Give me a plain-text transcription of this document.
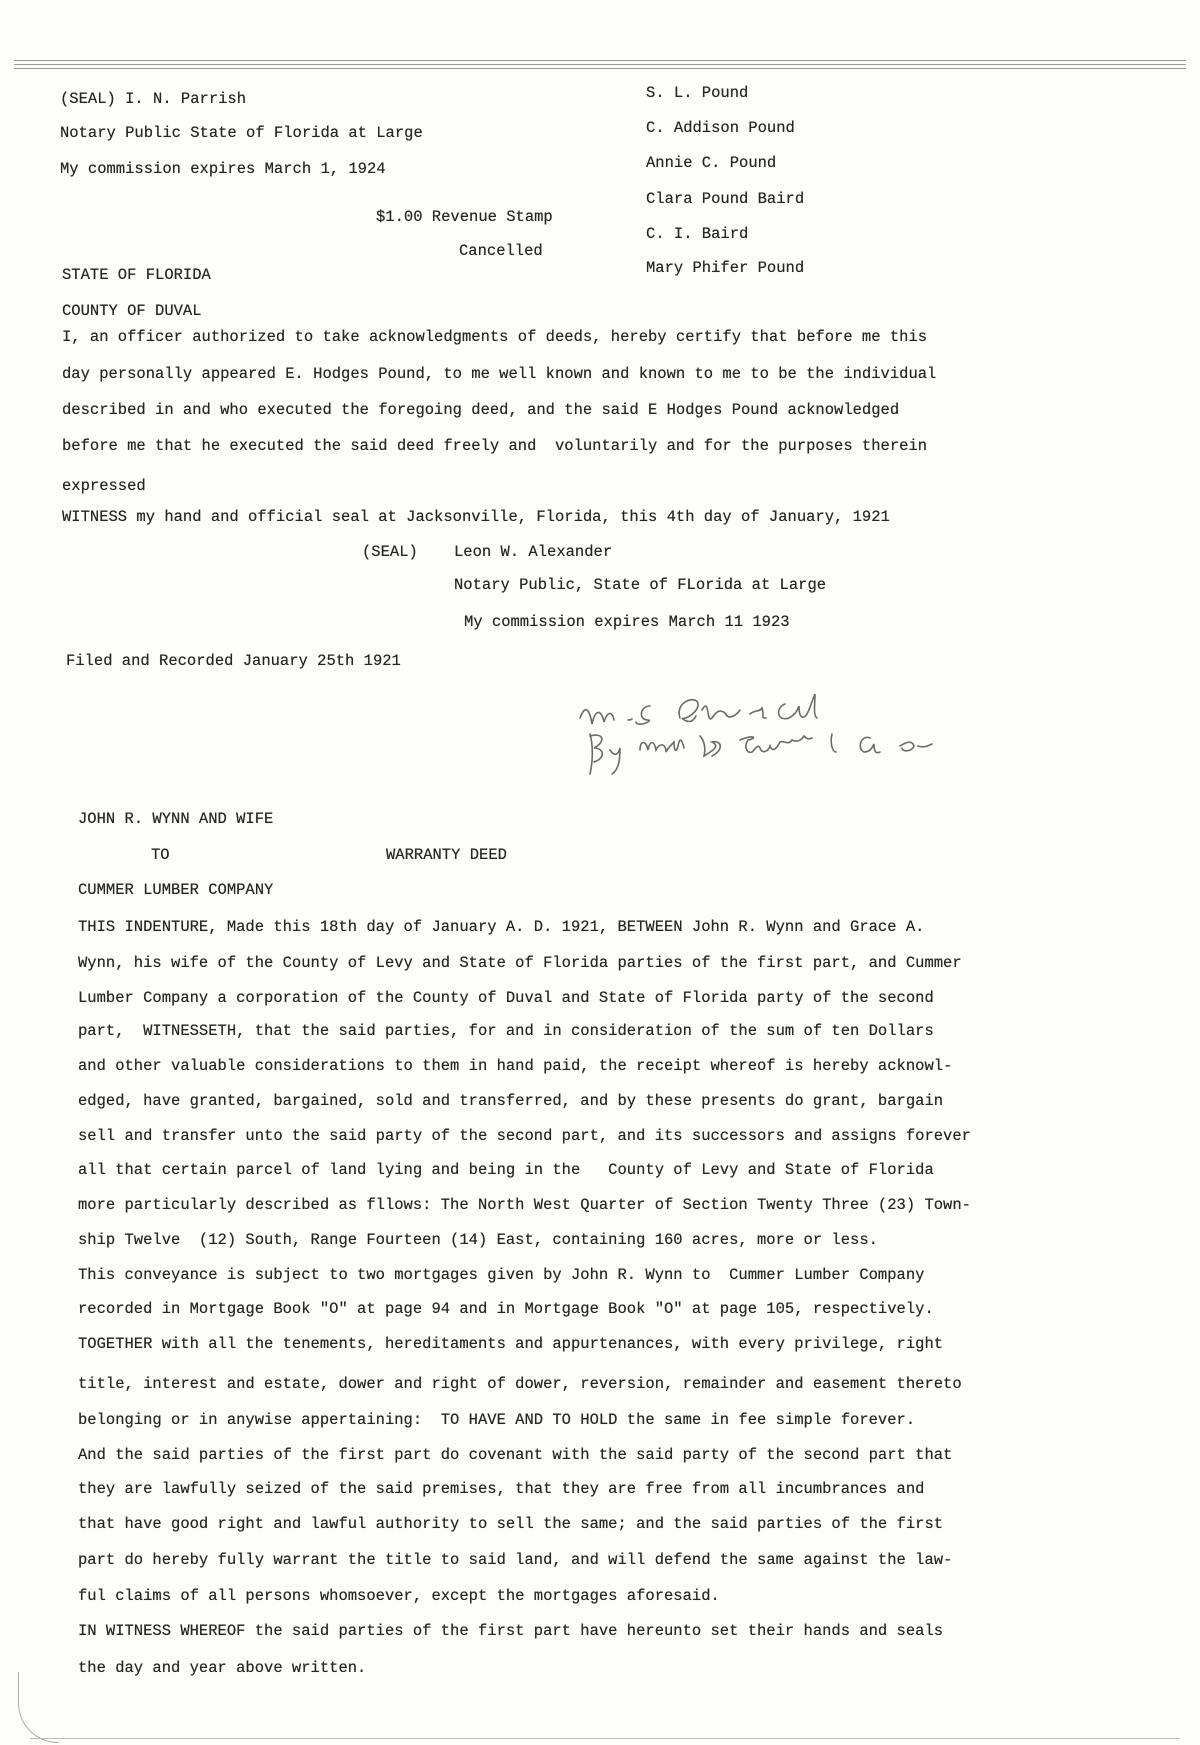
(SEAL) I. N. Parrish
Notary Public State of Florida at Large
My commission expires March 1, 1924
S. L. Pound
C. Addison Pound
Annie C. Pound
Clara Pound Baird
C. I. Baird
Mary Phifer Pound
$1.00 Revenue Stamp
Cancelled
STATE OF FLORIDA
COUNTY OF DUVAL
I, an officer authorized to take acknowledgments of deeds, hereby certify that before me this
day personally appeared E. Hodges Pound, to me well known and known to me to be the individual
described in and who executed the foregoing deed, and the said E Hodges Pound acknowledged
before me that he executed the said deed freely and  voluntarily and for the purposes therein
expressed
WITNESS my hand and official seal at Jacksonville, Florida, this 4th day of January, 1921
(SEAL) Leon W. Alexander
Notary Public, State of FLorida at Large
My commission expires March 11 1923
Filed and Recorded January 25th 1921
JOHN R. WYNN AND WIFE
TO	WARRANTY DEED
CUMMER LUMBER COMPANY
THIS INDENTURE, Made this 18th day of January A. D. 1921, BETWEEN John R. Wynn and Grace A.
Wynn, his wife of the County of Levy and State of Florida parties of the first part, and Cummer
Lumber Company a corporation of the County of Duval and State of Florida party of the second
part,  WITNESSETH, that the said parties, for and in consideration of the sum of ten Dollars
and other valuable considerations to them in hand paid, the receipt whereof is hereby acknowl-
edged, have granted, bargained, sold and transferred, and by these presents do grant, bargain
sell and transfer unto the said party of the second part, and its successors and assigns forever
all that certain parcel of land lying and being in the   County of Levy and State of Florida
more particularly described as fllows: The North West Quarter of Section Twenty Three (23) Town-
ship Twelve  (12) South, Range Fourteen (14) East, containing 160 acres, more or less.
This conveyance is subject to two mortgages given by John R. Wynn to  Cummer Lumber Company
recorded in Mortgage Book "O" at page 94 and in Mortgage Book "O" at page 105, respectively.
TOGETHER with all the tenements, hereditaments and appurtenances, with every privilege, right
title, interest and estate, dower and right of dower, reversion, remainder and easement thereto
belonging or in anywise appertaining:  TO HAVE AND TO HOLD the same in fee simple forever.
And the said parties of the first part do covenant with the said party of the second part that
they are lawfully seized of the said premises, that they are free from all incumbrances and
that have good right and lawful authority to sell the same; and the said parties of the first
part do hereby fully warrant the title to said land, and will defend the same against the law-
ful claims of all persons whomsoever, except the mortgages aforesaid.
IN WITNESS WHEREOF the said parties of the first part have hereunto set their hands and seals
the day and year above written.
